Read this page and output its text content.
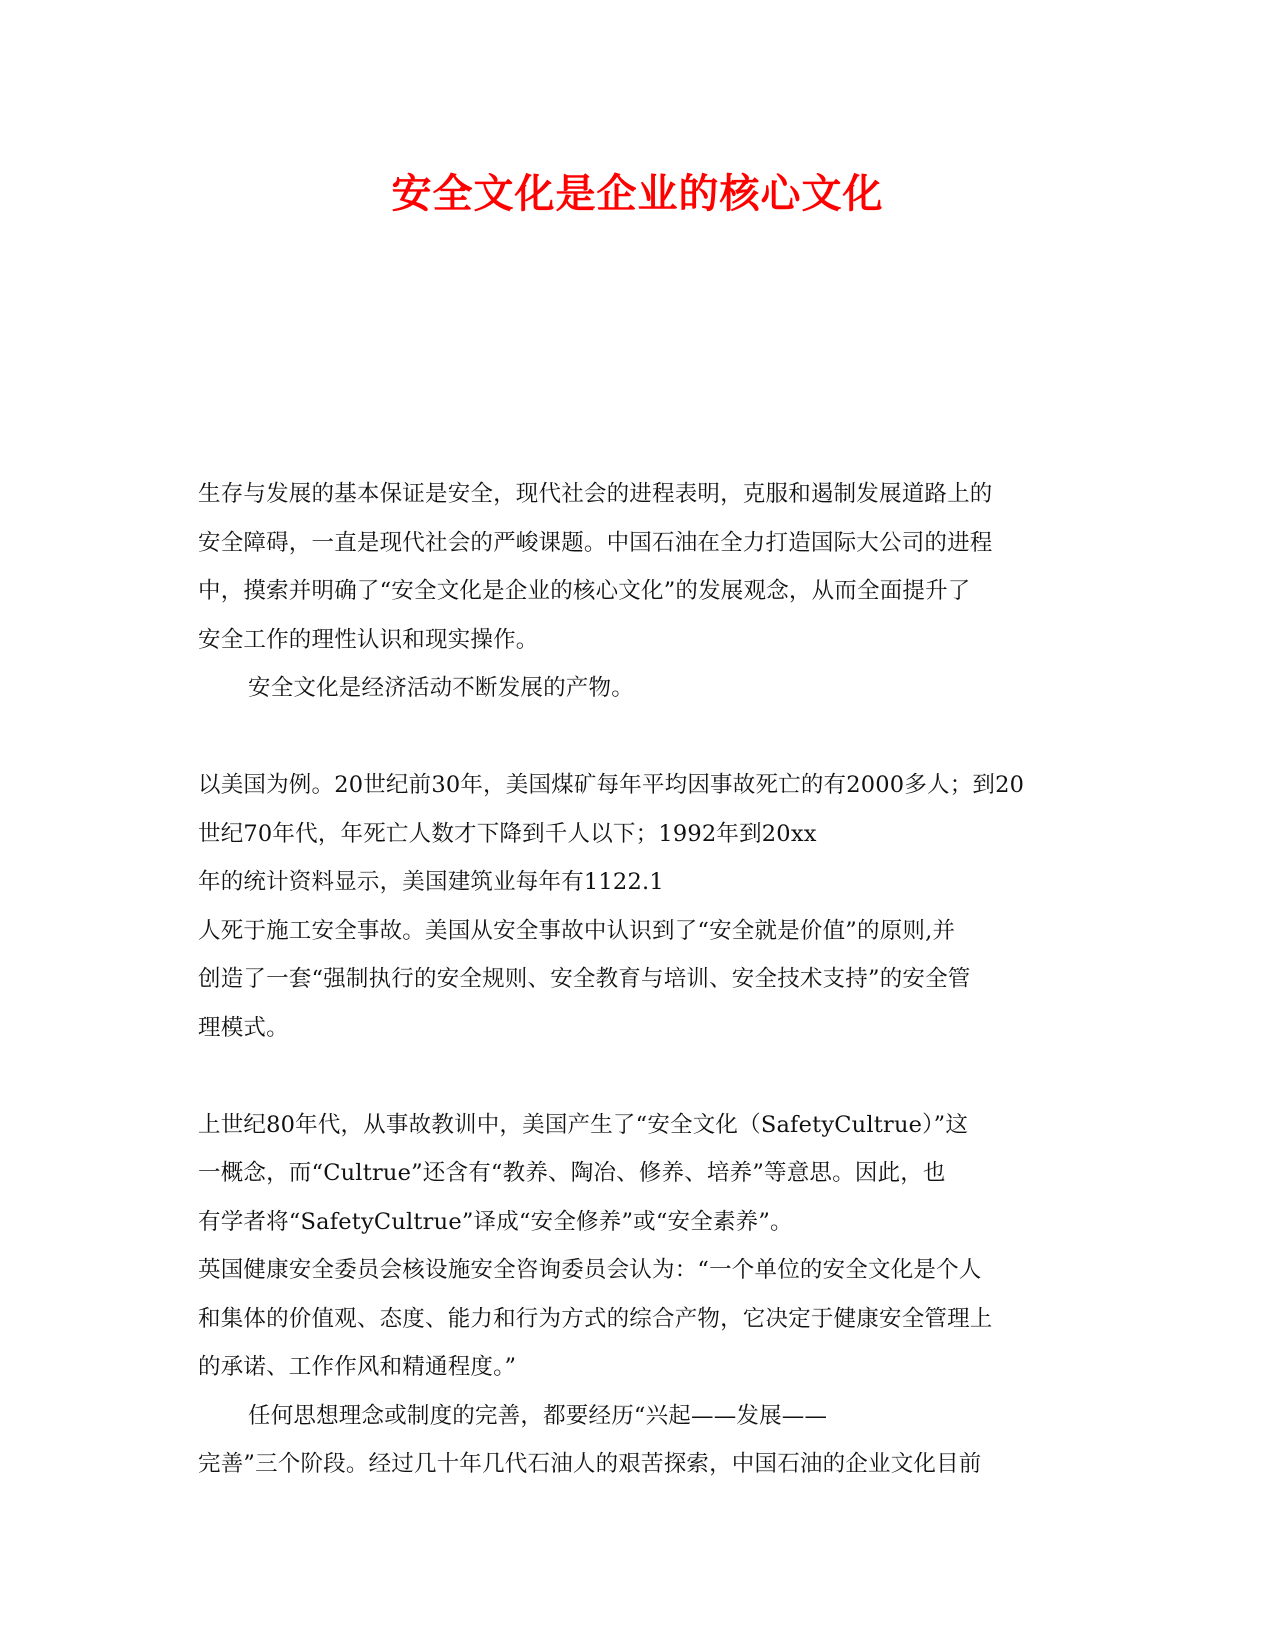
安全文化是企业的核心文化
生存与发展的基本保证是安全，现代社会的进程表明，克服和遏制发展道路上的
安全障碍，一直是现代社会的严峻课题。中国石油在全力打造国际大公司的进程
中，摸索并明确了“安全文化是企业的核心文化”的发展观念，从而全面提升了
安全工作的理性认识和现实操作。
安全文化是经济活动不断发展的产物。
以美国为例。20世纪前30年，美国煤矿每年平均因事故死亡的有2000多人；到20
世纪70年代，年死亡人数才下降到千人以下；1992年到20xx
年的统计资料显示，美国建筑业每年有1122.1
人死于施工安全事故。美国从安全事故中认识到了“安全就是价值”的原则,并
创造了一套“强制执行的安全规则、安全教育与培训、安全技术支持”的安全管
理模式。
上世纪80年代，从事故教训中，美国产生了“安全文化（SafetyCultrue）”这
一概念，而“Cultrue”还含有“教养、陶冶、修养、培养”等意思。因此，也
有学者将“SafetyCultrue”译成“安全修养”或“安全素养”。
英国健康安全委员会核设施安全咨询委员会认为：“一个单位的安全文化是个人
和集体的价值观、态度、能力和行为方式的综合产物，它决定于健康安全管理上
的承诺、工作作风和精通程度。”
任何思想理念或制度的完善，都要经历“兴起——发展——
完善”三个阶段。经过几十年几代石油人的艰苦探索，中国石油的企业文化目前
